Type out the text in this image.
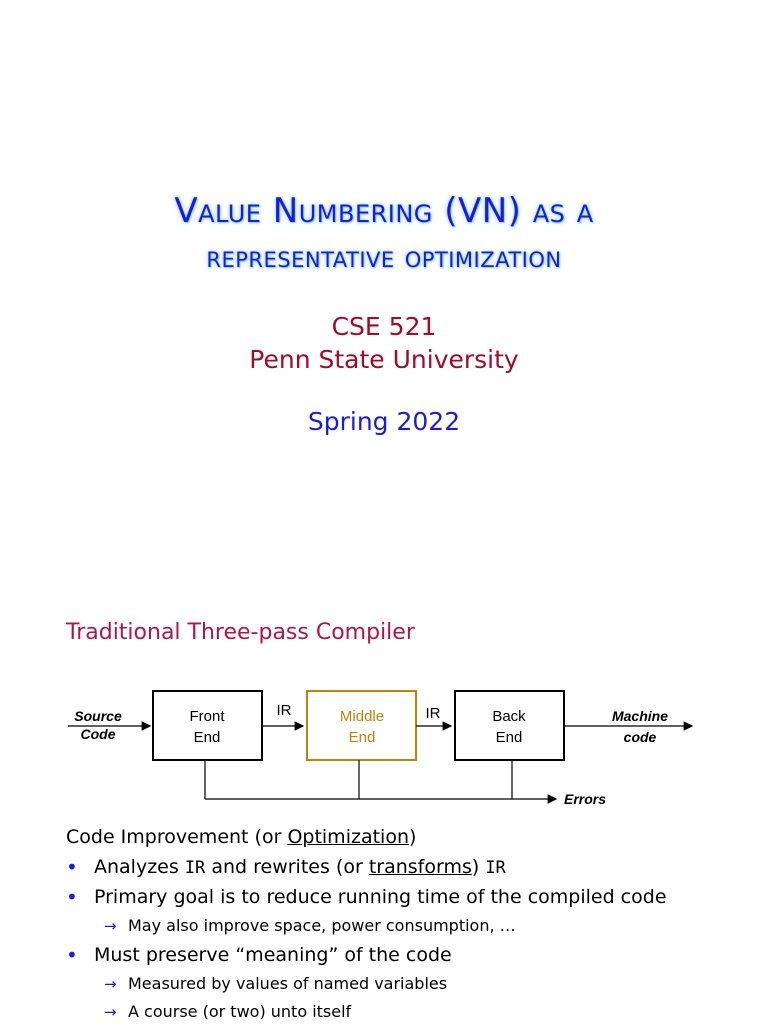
Value Numbering (VN) as a
representative optimization
CSE 521
Penn State University
Spring 2022
Traditional Three-pass Compiler
Source
Code
Front
End
IR	Middle
End
IR	Back
End
Machine
code
Errors
Code Improvement (or Optimization)
• Analyzes IR and rewrites (or transforms) IR
• Primary goal is to reduce running time of the compiled code
→ May also improve space, power consumption, …
• Must preserve “meaning” of the code
→ Measured by values of named variables
→ A course (or two) unto itself
